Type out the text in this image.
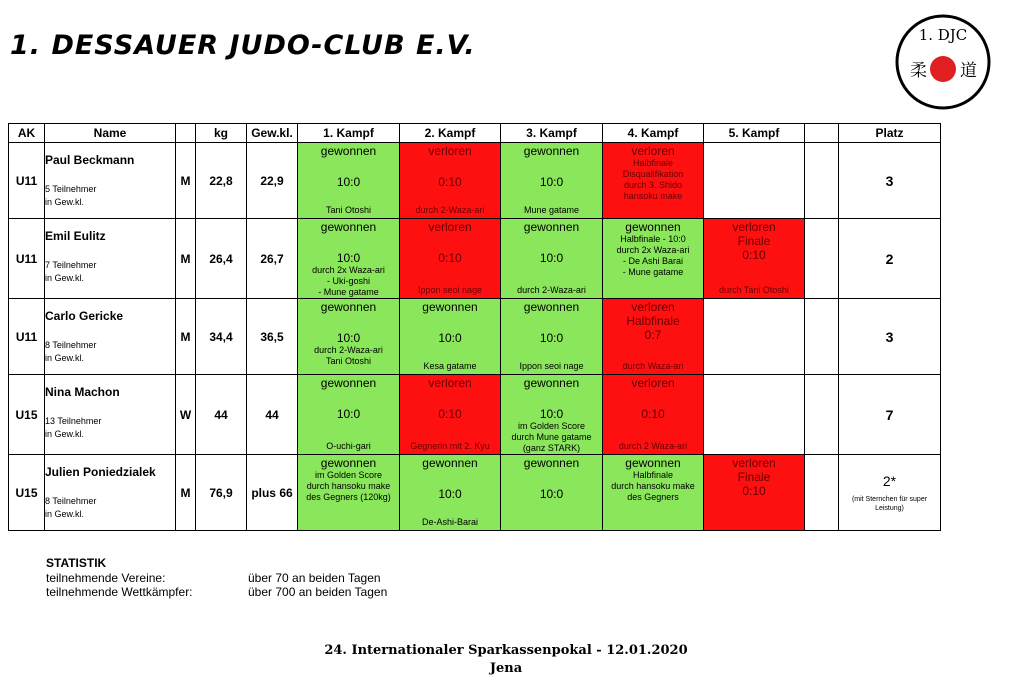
1. DESSAUER JUDO-CLUB E.V.	1. DJC
柔 道
AK	Name		kg	Gew.kl.	1. Kampf	2. Kampf	3. Kampf	4. Kampf	5. Kampf		Platz
U11	Paul Beckmann
5 Teilnehmer
in Gew.kl.	M	22,8	22,9	gewonnen
10:0
Tani Otoshi	verloren
0:10
durch 2-Waza-ari	gewonnen
10:0
Mune gatame	verloren
Halbfinale
Disqualifikation
durch 3. Shido
hansoku make			3
U11	Emil Eulitz
7 Teilnehmer
in Gew.kl.	M	26,4	26,7	gewonnen
10:0
durch 2x Waza-ari
- Uki-goshi
- Mune gatame	verloren
0:10
Ippon seoi nage	gewonnen
10:0
durch 2-Waza-ari	gewonnen
Halbfinale - 10:0
durch 2x Waza-ari
- De Ashi Barai
- Mune gatame	verloren
Finale
0:10
durch Tani Otoshi		2
U11	Carlo Gericke
8 Teilnehmer
in Gew.kl.	M	34,4	36,5	gewonnen
10:0
durch 2-Waza-ari
Tani Otoshi	gewonnen
10:0
Kesa gatame	gewonnen
10:0
Ippon seoi nage	verloren
Halbfinale
0:7
durch Waza-ari			3
U15	Nina Machon
13 Teilnehmer
in Gew.kl.	W	44	44	gewonnen
10:0
O-uchi-gari	verloren
0:10
Gegnerin mit 2. Kyu	gewonnen
10:0
im Golden Score
durch Mune gatame
(ganz STARK)	verloren
0:10
durch 2 Waza-ari			7
U15	Julien Poniedzialek
8 Teilnehmer
in Gew.kl.	M	76,9	plus 66	gewonnen
im Golden Score
durch hansoku make
des Gegners (120kg)	gewonnen
10:0
De-Ashi-Barai	gewonnen
10:0	gewonnen
Halbfinale
durch hansoku make
des Gegners	verloren
Finale
0:10		2*
(mit Sternchen für super Leistung)
STATISTIK
teilnehmende Vereine:	über 70 an beiden Tagen
teilnehmende Wettkämpfer:	über 700 an beiden Tagen
24. Internationaler Sparkassenpokal - 12.01.2020
Jena
